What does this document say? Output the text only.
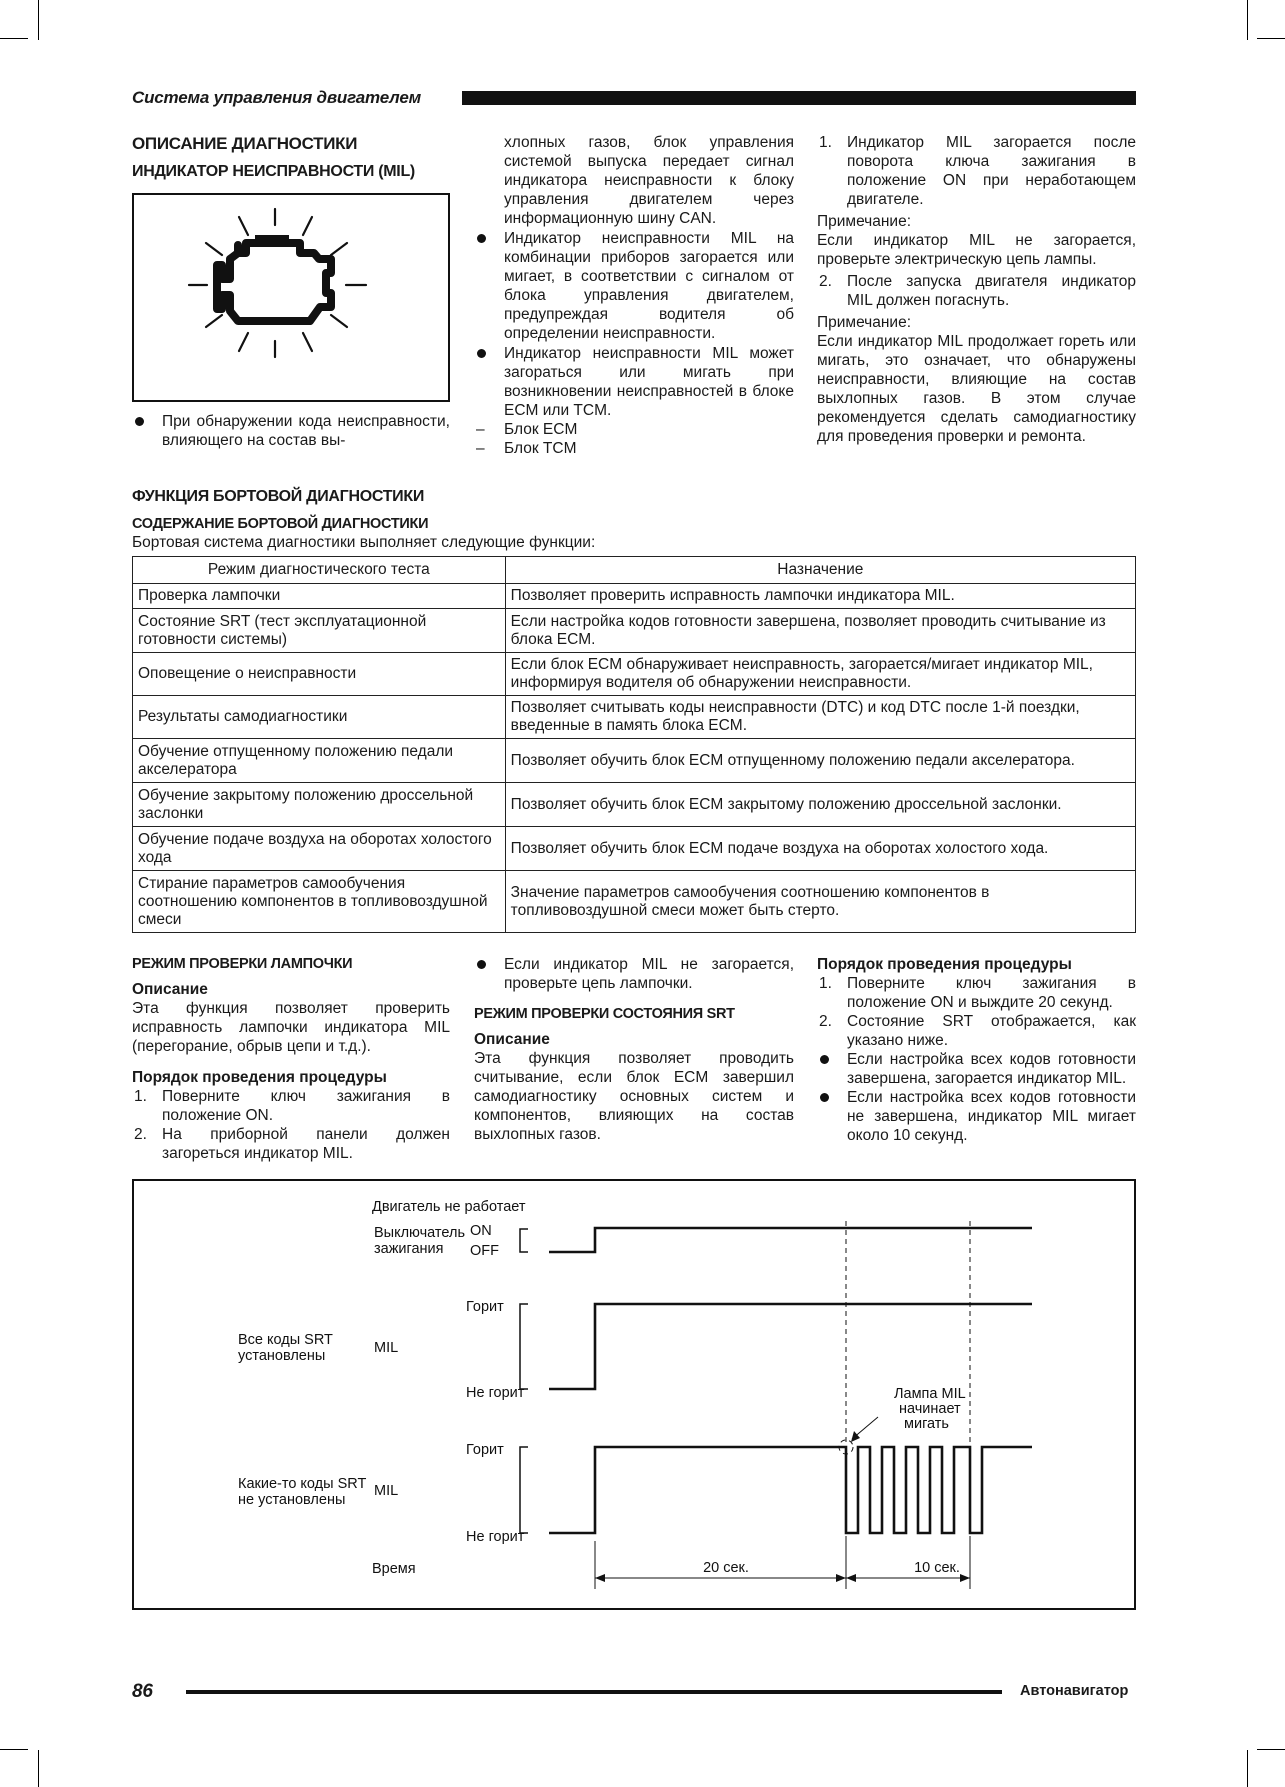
Система управления двигателем
ОПИСАНИЕ ДИАГНОСТИКИ
ИНДИКАТОР НЕИСПРАВНОСТИ (MIL)
При обнаружении кода неисправности, влияющего на состав вы-
хлопных газов, блок управления системой выпуска передает сигнал индикатора неисправности к блоку управления двигателем через информационную шину CAN.
Индикатор неисправности MIL на комбинации приборов загорается или мигает, в соответствии с сигналом от блока управления двигателем, предупреждая водителя об определении неисправности.
Индикатор неисправности MIL может загораться или мигать при возникновении неисправностей в блоке ECM или TCM.
– Блок ECM
– Блок TCM
1. Индикатор MIL загорается после поворота ключа зажигания в положение ON при неработающем двигателе.
Примечание:
Если индикатор MIL не загорается, проверьте электрическую цепь лампы.
2. После запуска двигателя индикатор MIL должен погаснуть.
Примечание:
Если индикатор MIL продолжает гореть или мигать, это означает, что обнаружены неисправности, влияющие на состав выхлопных газов. В этом случае рекомендуется сделать самодиагностику для проведения проверки и ремонта.
ФУНКЦИЯ БОРТОВОЙ ДИАГНОСТИКИ
СОДЕРЖАНИЕ БОРТОВОЙ ДИАГНОСТИКИ
Бортовая система диагностики выполняет следующие функции:
Режим диагностического теста	Назначение
Проверка лампочки	Позволяет проверить исправность лампочки индикатора MIL.
Состояние SRT (тест эксплуатационной готовности системы)	Если настройка кодов готовности завершена, позволяет проводить считывание из блока ECM.
Оповещение о неисправности	Если блок ECM обнаруживает неисправность, загорается/мигает индикатор MIL, информируя водителя об обнаружении неисправности.
Результаты самодиагностики	Позволяет считывать коды неисправности (DTC) и код DTC после 1-й поездки, введенные в память блока ECM.
Обучение отпущенному положению педали акселератора	Позволяет обучить блок ECM отпущенному положению педали акселератора.
Обучение закрытому положению дроссельной заслонки	Позволяет обучить блок ECM закрытому положению дроссельной заслонки.
Обучение подаче воздуха на оборотах холостого хода	Позволяет обучить блок ECM подаче воздуха на оборотах холостого хода.
Стирание параметров самообучения соотношению компонентов в топливовоздушной смеси	Значение параметров самообучения соотношению компонентов в топливовоздушной смеси может быть стерто.
РЕЖИМ ПРОВЕРКИ ЛАМПОЧКИ
Описание
Эта функция позволяет проверить исправность лампочки индикатора MIL (перегорание, обрыв цепи и т.д.).
Порядок проведения процедуры
1. Поверните ключ зажигания в положение ON.
2. На приборной панели должен загореться индикатор MIL.
Если индикатор MIL не загорается, проверьте цепь лампочки.
РЕЖИМ ПРОВЕРКИ СОСТОЯНИЯ SRT
Описание
Эта функция позволяет проводить считывание, если блок ECM завершил самодиагностику основных систем и компонентов, влияющих на состав выхлопных газов.
Порядок проведения процедуры
1. Поверните ключ зажигания в положение ON и выждите 20 секунд.
2. Состояние SRT отображается, как указано ниже.
Если настройка всех кодов готовности завершена, загорается индикатор MIL.
Если настройка всех кодов готовности не завершена, индикатор MIL мигает около 10 секунд.
Двигатель не работает
Выключатель
зажигания
ON
OFF
Горит
Не горит
Все коды SRT
установлены	MIL
Горит
Не горит
Какие-то коды SRT
не установлены
MIL
Время
Лампа MIL
начинает
мигать
20 сек.	10 сек.
86	Автонавигатор
